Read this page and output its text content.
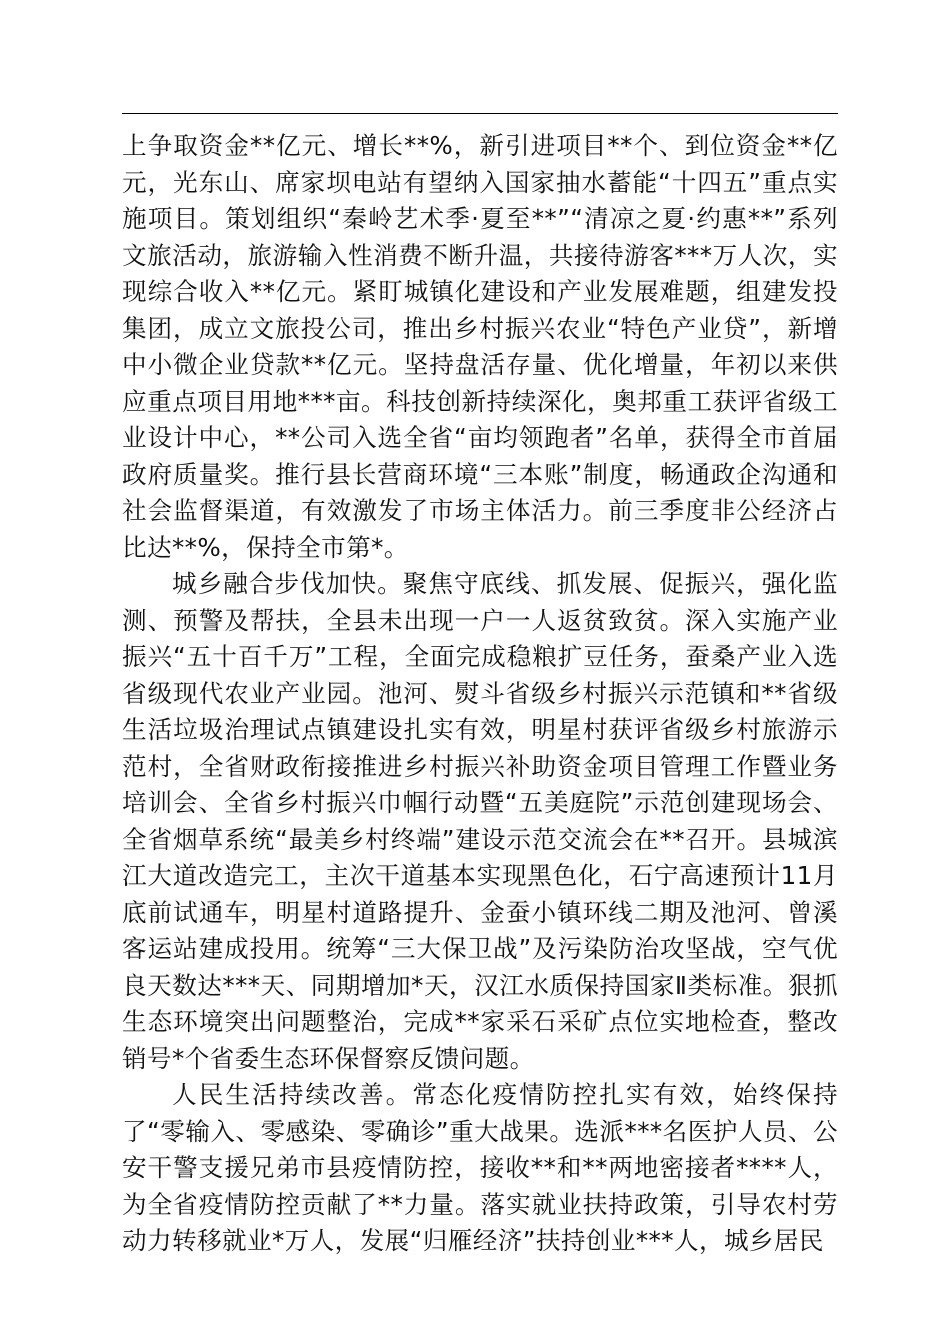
上争取资金**亿元、增长**%，新引进项目**个、到位资金**亿元，光东山、席家坝电站有望纳入国家抽水蓄能“十四五”重点实施项目。策划组织“秦岭艺术季·夏至**”“清凉之夏·约惠**”系列文旅活动，旅游输入性消费不断升温，共接待游客***万人次，实现综合收入**亿元。紧盯城镇化建设和产业发展难题，组建发投集团，成立文旅投公司，推出乡村振兴农业“特色产业贷”，新增中小微企业贷款**亿元。坚持盘活存量、优化增量，年初以来供应重点项目用地***亩。科技创新持续深化，奥邦重工获评省级工业设计中心，**公司入选全省“亩均领跑者”名单，获得全市首届政府质量奖。推行县长营商环境“三本账”制度，畅通政企沟通和社会监督渠道，有效激发了市场主体活力。前三季度非公经济占比达**%，保持全市第*。

城乡融合步伐加快。聚焦守底线、抓发展、促振兴，强化监测、预警及帮扶，全县未出现一户一人返贫致贫。深入实施产业振兴“五十百千万”工程，全面完成稳粮扩豆任务，蚕桑产业入选省级现代农业产业园。池河、熨斗省级乡村振兴示范镇和**省级生活垃圾治理试点镇建设扎实有效，明星村获评省级乡村旅游示范村，全省财政衔接推进乡村振兴补助资金项目管理工作暨业务培训会、全省乡村振兴巾帼行动暨“五美庭院”示范创建现场会、全省烟草系统“最美乡村终端”建设示范交流会在**召开。县城滨江大道改造完工，主次干道基本实现黑色化，石宁高速预计11月底前试通车，明星村道路提升、金蚕小镇环线二期及池河、曾溪客运站建成投用。统筹“三大保卫战”及污染防治攻坚战，空气优良天数达***天、同期增加*天，汉江水质保持国家Ⅱ类标准。狠抓生态环境突出问题整治，完成**家采石采矿点位实地检查，整改销号*个省委生态环保督察反馈问题。

人民生活持续改善。常态化疫情防控扎实有效，始终保持了“零输入、零感染、零确诊”重大战果。选派***名医护人员、公安干警支援兄弟市县疫情防控，接收**和**两地密接者****人，为全省疫情防控贡献了**力量。落实就业扶持政策，引导农村劳动力转移就业*万人，发展“归雁经济”扶持创业***人，城乡居民
